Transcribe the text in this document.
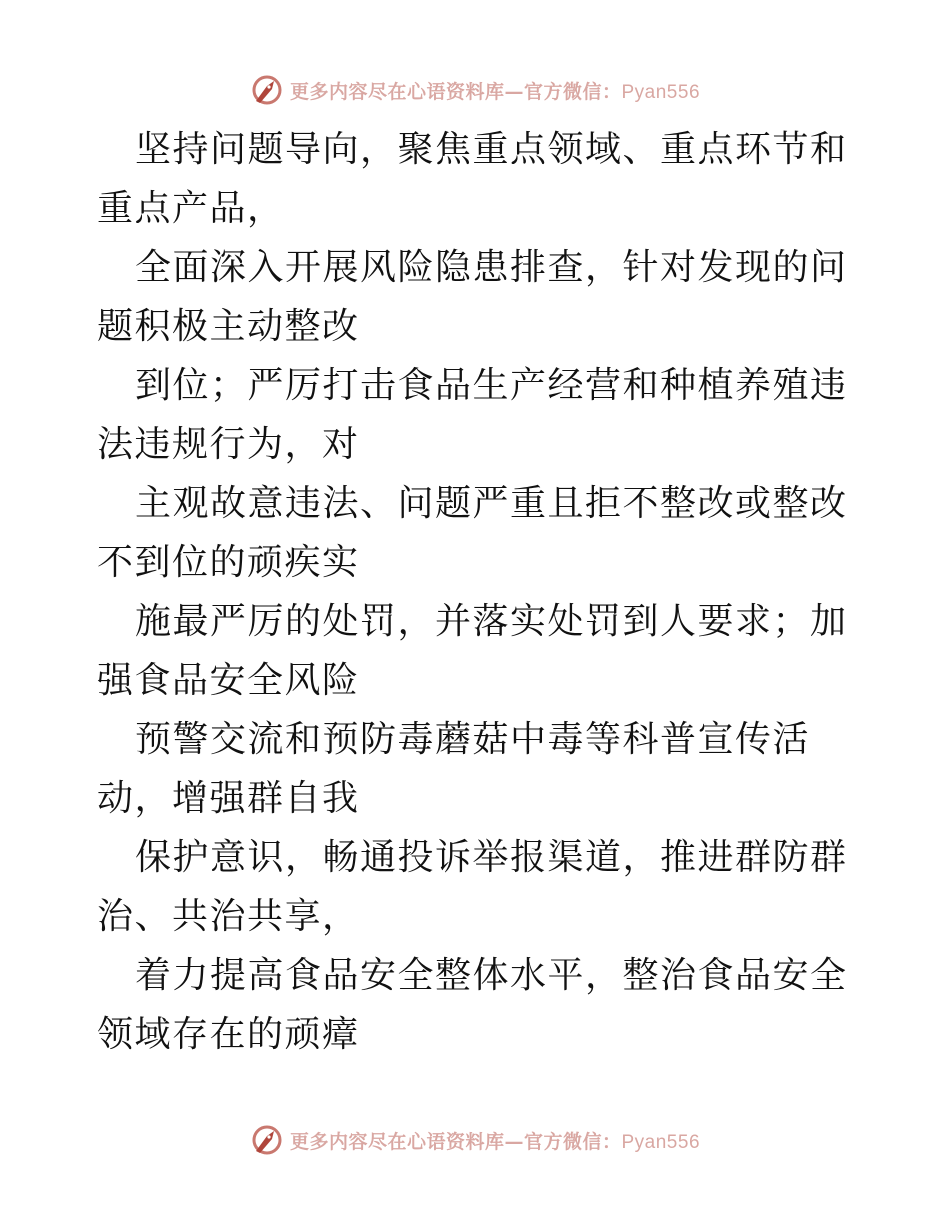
更多内容尽在心语资料库—官方微信：Pyan556

坚持问题导向，聚焦重点领域、重点环节和重点产品，

全面深入开展风险隐患排查，针对发现的问题积极主动整改

到位；严厉打击食品生产经营和种植养殖违法违规行为，对

主观故意违法、问题严重且拒不整改或整改不到位的顽疾实

施最严厉的处罚，并落实处罚到人要求；加强食品安全风险

预警交流和预防毒蘑菇中毒等科普宣传活动，增强群自我

保护意识，畅通投诉举报渠道，推进群防群治、共治共享，

着力提高食品安全整体水平，整治食品安全领域存在的顽瘴

更多内容尽在心语资料库—官方微信：Pyan556
